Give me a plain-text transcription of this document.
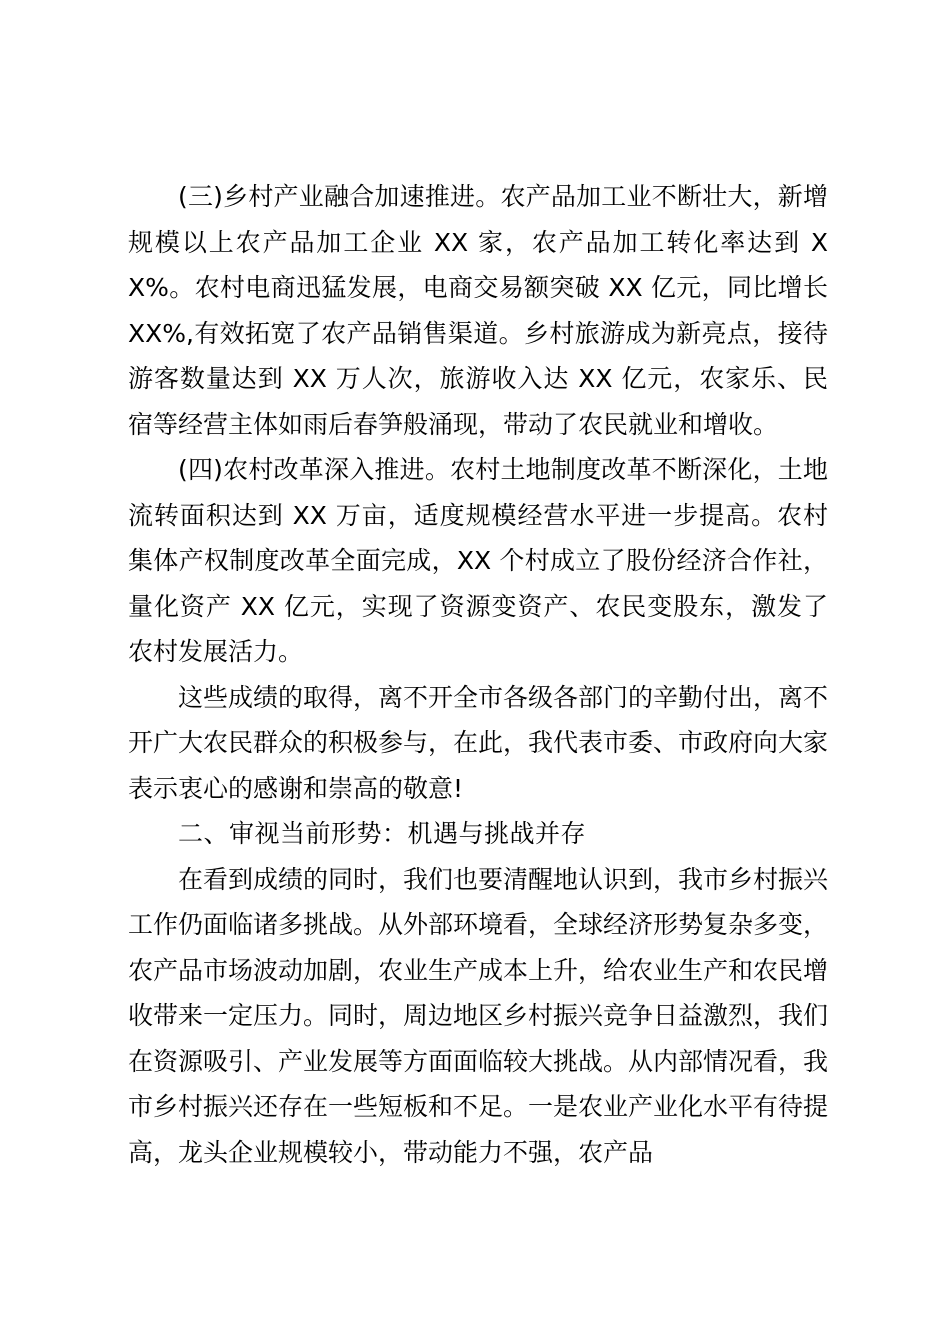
(三)乡村产业融合加速推进。农产品加工业不断壮大，新增规模以上农产品加工企业 XX 家，农产品加工转化率达到 XX%。农村电商迅猛发展，电商交易额突破 XX 亿元，同比增长 XX%,有效拓宽了农产品销售渠道。乡村旅游成为新亮点，接待游客数量达到 XX 万人次，旅游收入达 XX 亿元，农家乐、民宿等经营主体如雨后春笋般涌现，带动了农民就业和增收。

(四)农村改革深入推进。农村土地制度改革不断深化，土地流转面积达到 XX 万亩，适度规模经营水平进一步提高。农村集体产权制度改革全面完成，XX 个村成立了股份经济合作社，量化资产 XX 亿元，实现了资源变资产、农民变股东，激发了农村发展活力。

这些成绩的取得，离不开全市各级各部门的辛勤付出，离不开广大农民群众的积极参与，在此，我代表市委、市政府向大家表示衷心的感谢和崇高的敬意!

二、审视当前形势：机遇与挑战并存

在看到成绩的同时，我们也要清醒地认识到，我市乡村振兴工作仍面临诸多挑战。从外部环境看，全球经济形势复杂多变，农产品市场波动加剧，农业生产成本上升，给农业生产和农民增收带来一定压力。同时，周边地区乡村振兴竞争日益激烈，我们在资源吸引、产业发展等方面面临较大挑战。从内部情况看，我市乡村振兴还存在一些短板和不足。一是农业产业化水平有待提高，龙头企业规模较小，带动能力不强，农产品
